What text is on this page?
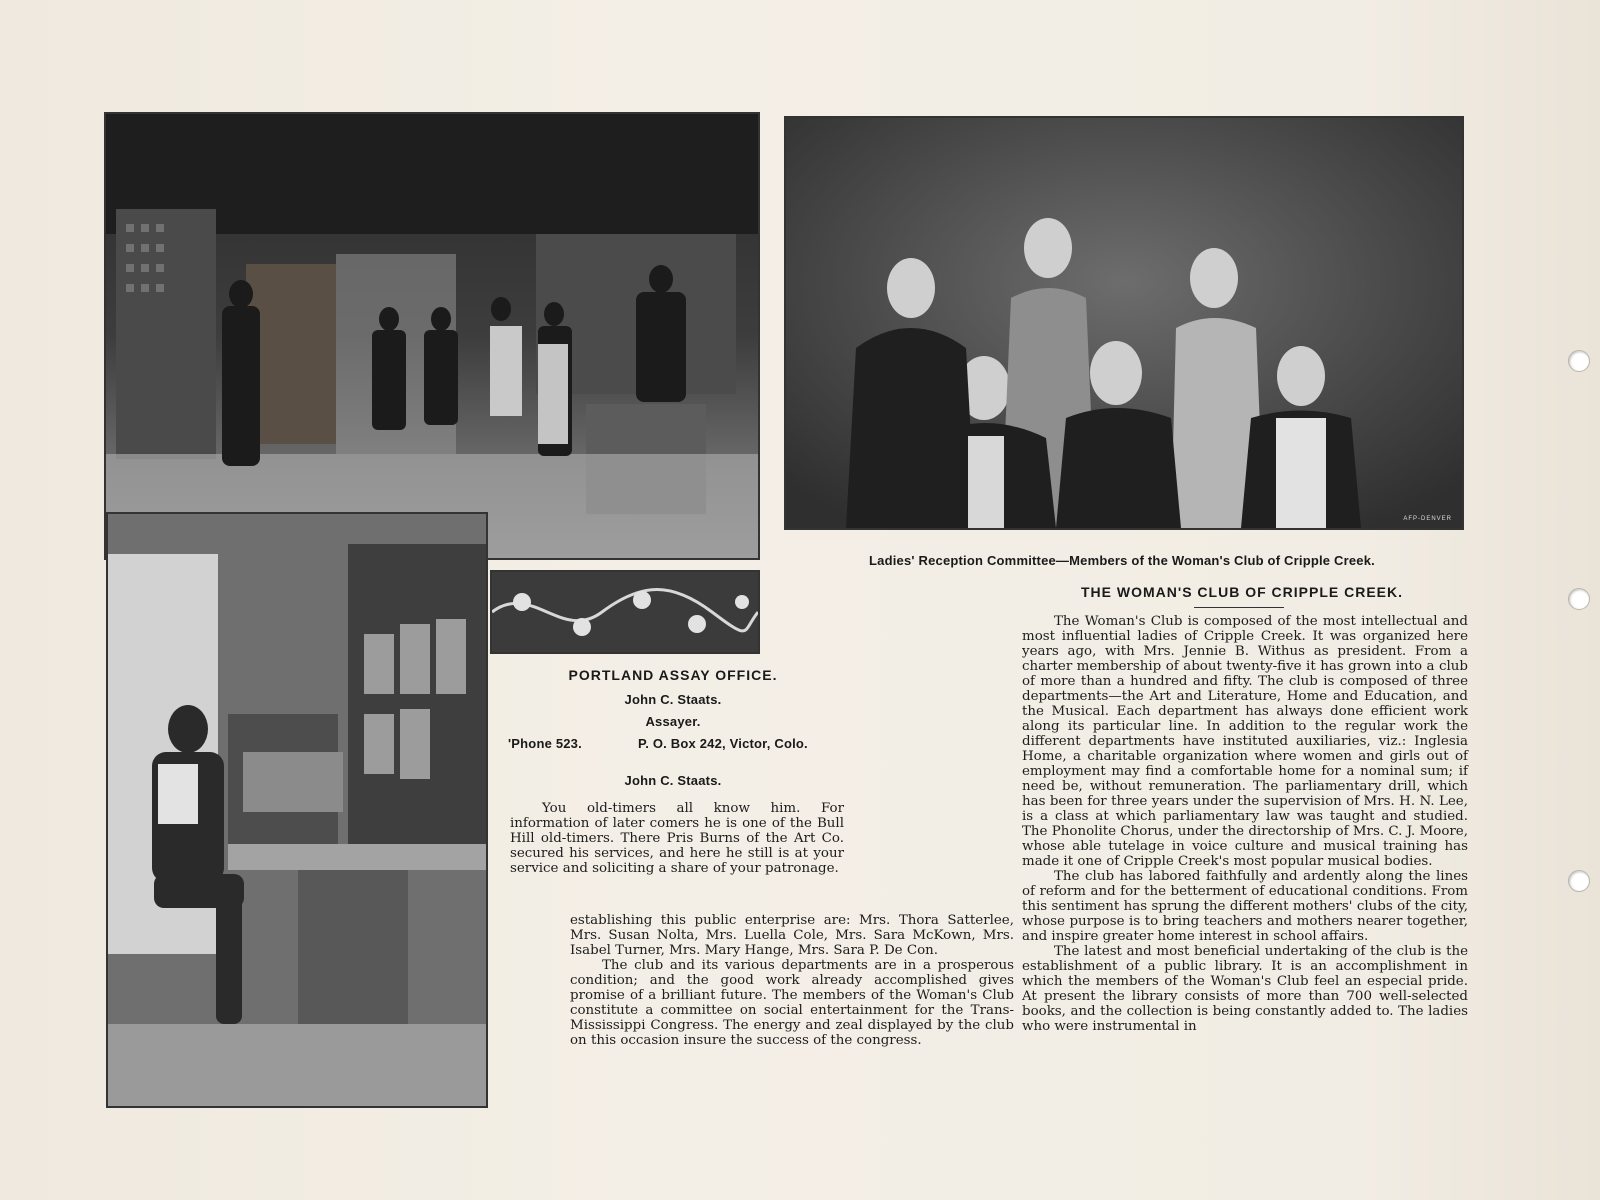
AFP-DENVER
Ladies' Reception Committee—Members of the Woman's Club of Cripple Creek.
THE WOMAN'S CLUB OF CRIPPLE CREEK.

The Woman's Club is composed of the most intellectual and most influential ladies of Cripple Creek. It was organized here years ago, with Mrs. Jennie B. Withus as president. From a charter membership of about twenty-five it has grown into a club of more than a hundred and fifty. The club is composed of three departments—the Art and Literature, Home and Education, and the Musical. Each department has always done efficient work along its particular line. In addition to the regular work the different departments have instituted auxiliaries, viz.: Inglesia Home, a charitable organization where women and girls out of employment may find a comfortable home for a nominal sum; if need be, without remuneration. The parliamentary drill, which has been for three years under the supervision of Mrs. H. N. Lee, is a class at which parliamentary law was taught and studied. The Phonolite Chorus, under the directorship of Mrs. C. J. Moore, whose able tutelage in voice culture and musical training has made it one of Cripple Creek's most popular musical bodies.

The club has labored faithfully and ardently along the lines of reform and for the betterment of educational conditions. From this sentiment has sprung the different mothers' clubs of the city, whose purpose is to bring teachers and mothers nearer together, and inspire greater home interest in school affairs.

The latest and most beneficial undertaking of the club is the establishment of a public library. It is an accomplishment in which the members of the Woman's Club feel an especial pride. At present the library consists of more than 700 well-selected books, and the collection is being constantly added to. The ladies who were instrumental in

PORTLAND ASSAY OFFICE.
John C. Staats.
Assayer.
'Phone 523.	P. O. Box 242, Victor, Colo.
John C. Staats.

You old-timers all know him. For information of later comers he is one of the Bull Hill old-timers. There Pris Burns of the Art Co. secured his services, and here he still is at your service and soliciting a share of your patronage.

establishing this public enterprise are: Mrs. Thora Satterlee, Mrs. Susan Nolta, Mrs. Luella Cole, Mrs. Sara McKown, Mrs. Isabel Turner, Mrs. Mary Hange, Mrs. Sara P. De Con.

The club and its various departments are in a prosperous condition; and the good work already accomplished gives promise of a brilliant future. The members of the Woman's Club constitute a committee on social entertainment for the Trans-Mississippi Congress. The energy and zeal displayed by the club on this occasion insure the success of the congress.
